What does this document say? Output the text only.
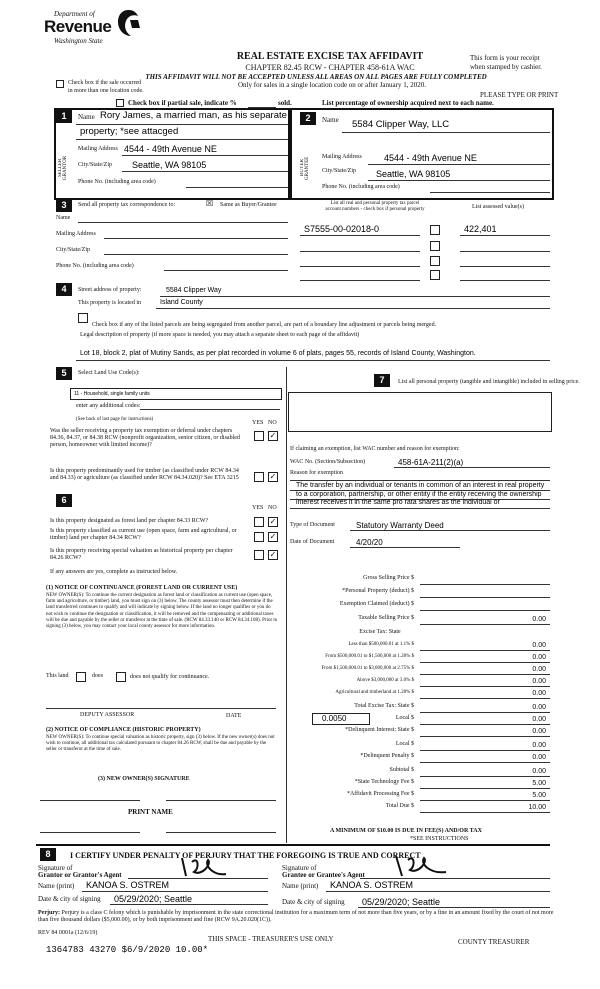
Department of
Revenue
Washington State
REAL ESTATE EXCISE TAX AFFIDAVIT
CHAPTER 82.45 RCW - CHAPTER 458-61A WAC
THIS AFFIDAVIT WILL NOT BE ACCEPTED UNLESS ALL AREAS ON ALL PAGES ARE FULLY COMPLETED
Only for sales in a single location code on or after January 1, 2020.
This form is your receipt
when stamped by cashier.
PLEASE TYPE OR PRINT
Check box if the sale occurred
in more than one location code.
Check box if partial sale, indicate %	sold.	List percentage of ownership acquired next to each name.
1
SELLER GRANTOR
Name Rory James, a married man, as his separate
property; *see attacged
Mailing Address 4544 - 49th Avenue NE
City/State/Zip Seattle, WA 98105
Phone No. (including area code)
2	Name 5584 Clipper Way, LLC
BUYER GRANTEE Mailing Address 4544 - 49th Avenue NE
City/State/Zip Seattle, WA 98105
Phone No. (including area code)
3	Send all property tax correspondence to:	☒ Same as Buyer/Grantee
Name
Mailing Address
City/State/Zip
Phone No. (including area code)
List all real and personal property tax parcel
account numbers - check box if personal property	List assessed value(s)
S7555-00-02018-0	422,401
4	Street address of property:	5584 Clipper Way
This property is located in	Island County
Check box if any of the listed parcels are being segregated from another parcel, are part of a boundary line adjustment or parcels being merged.
Legal description of property (if more space is needed, you may attach a separate sheet to each page of the affidavit)
Lot 18, block 2, plat of Mutiny Sands, as per plat recorded in volume 6 of plats, pages 55, records of Island County, Washington.
5	Select Land Use Code(s):
11 - Household, single family units
enter any additional codes:
(See back of last page for instructions)
YES NO
Was the seller receiving a property tax exemption or deferral under chapters 84.36, 84.37, or 84.38 RCW (nonprofit organization, senior citizen, or disabled person, homeowner with limited income)?
✓
Is this property predominantly used for timber (as classified under RCW 84.34 and 84.33) or agriculture (as classified under RCW 84.34.020)? See ETA 3215	✓
6
YES NO
Is this property designated as forest land per chapter 84.33 RCW?	✓
Is this property classified as current use (open space, farm and agricultural, or timber) land per chapter 84.34 RCW?	✓
Is this property receiving special valuation as historical property per chapter 84.26 RCW?	✓
If any answers are yes, complete as instructed below.
(1) NOTICE OF CONTINUANCE (FOREST LAND OR CURRENT USE)
NEW OWNER(S): To continue the current designation as forest land or classification as current use (open space, farm and agriculture, or timber) land, you must sign on (3) below. The county assessor must then determine if the land transferred continues to qualify and will indicate by signing below. If the land no longer qualifies or you do not wish to continue the designation or classification, it will be removed and the compensating or additional taxes will be due and payable by the seller or transferor at the time of sale. (RCW 84.33.140 or RCW 84.34.108). Prior to signing (3) below, you may contact your local county assessor for more information.
This land	does	does not qualify for continuance.
DEPUTY ASSESSOR	DATE
(2) NOTICE OF COMPLIANCE (HISTORIC PROPERTY)
NEW OWNER(S): To continue special valuation as historic property, sign (3) below. If the new owner(s) does not wish to continue, all additional tax calculated pursuant to chapter 84.26 RCW, shall be due and payable by the seller or transferor at the time of sale.
(3) NEW OWNER(S) SIGNATURE
PRINT NAME
7	List all personal property (tangible and intangible) included in selling price.
If claiming an exemption, list WAC number and reason for exemption:
WAC No. (Section/Subsection)	458-61A-211(2)(a)
Reason for exemption
The transfer by an individual or tenants in common of an interest in real property to a corporation, partnership, or other entity if the entity receiving the ownership interest receives it in the same pro rata shares as the individual or
Type of Document	Statutory Warranty Deed
Date of Document	4/20/20
Gross Selling Price $
*Personal Property (deduct) $
Exemption Claimed (deduct) $
Taxable Selling Price $	0.00
Excise Tax: State
Less than $500,000.01 at 1.1% $	0.00
From $500,000.01 to $1,500,000 at 1.28% $	0.00
From $1,500,000.01 to $3,000,000 at 2.75% $	0.00
Above $3,000,000 at 3.0% $	0.00
Agricultural and timberland at 1.28% $	0.00
Total Excise Tax: State $	0.00
Local $	0.00
*Delinquent Interest: State $	0.00
Local $	0.00
*Delinquent Penalty $	0.00
Subtotal $	0.00
*State Technology Fee $	5.00
*Affidavit Processing Fee $	5.00
Total Due $	10.00
0.0050
A MINIMUM OF $10.00 IS DUE IN FEE(S) AND/OR TAX
*SEE INSTRUCTIONS
8	I CERTIFY UNDER PENALTY OF PERJURY THAT THE FOREGOING IS TRUE AND CORRECT
Signature of
Grantor or Grantor's Agent
Signature of
Grantee or Grantee's Agent
Name (print) KANOA S. OSTREM	Name (print) KANOA S. OSTREM
Date & city of signing 05/29/2020; Seattle	Date & city of signing 05/29/2020; Seattle
Perjury: Perjury is a class C felony which is punishable by imprisonment in the state correctional institution for a maximum term of not more than five years, or by a fine in an amount fixed by the court of not more than five thousand dollars ($5,000.00), or by both imprisonment and fine (RCW 9A.20.020(1C)).
REV 84 0001a (12/6/19)
THIS SPACE - TREASURER'S USE ONLY	COUNTY TREASURER
1364783 43270 $6/9/2020 10.00*
